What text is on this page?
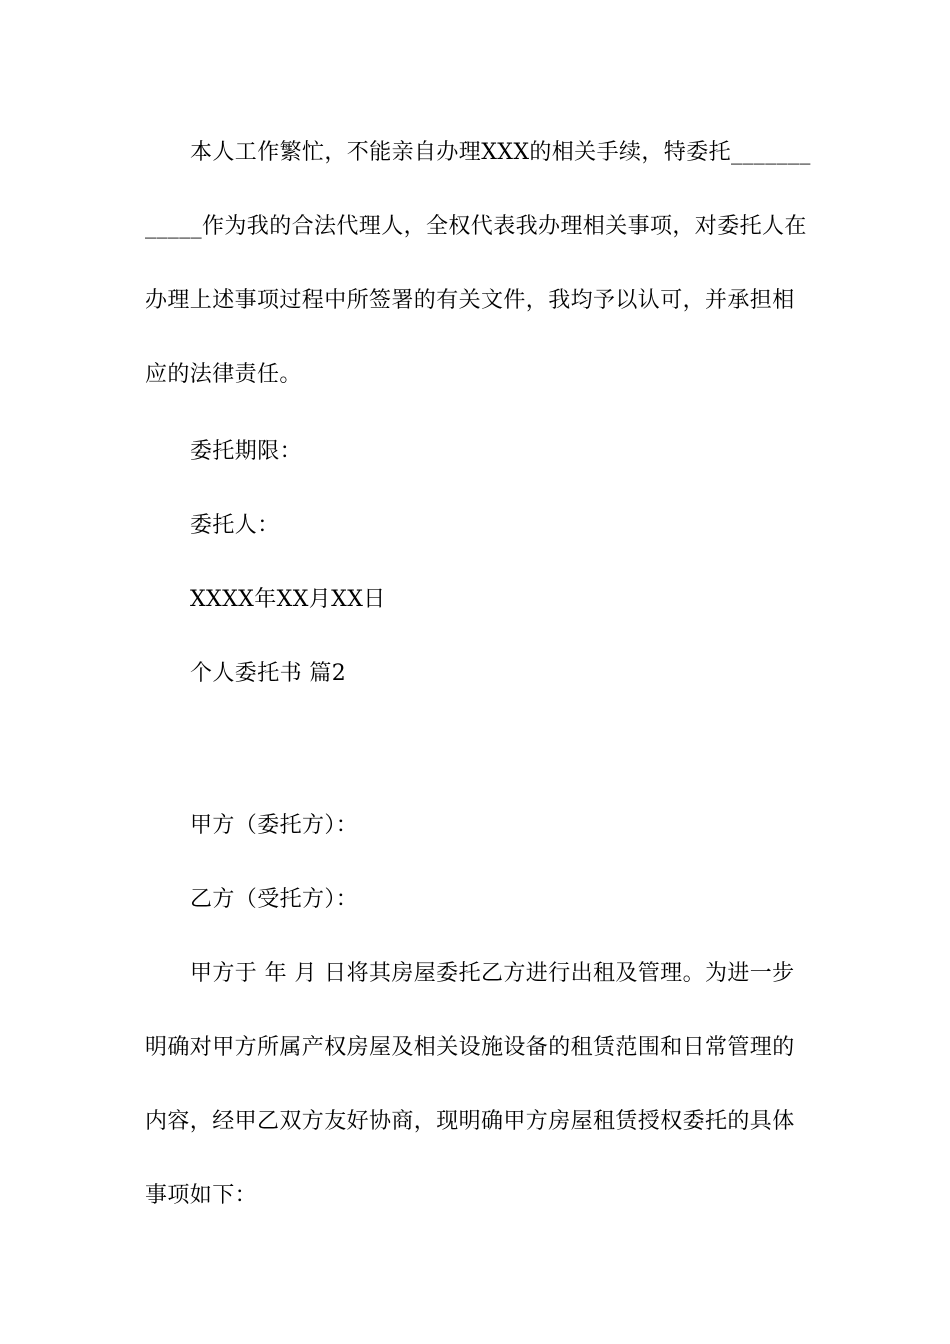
本人工作繁忙，不能亲自办理XXX的相关手续，特委托_______
_____作为我的合法代理人，全权代表我办理相关事项，对委托人在
办理上述事项过程中所签署的有关文件，我均予以认可，并承担相
应的法律责任。
委托期限：
委托人：
XXXX年XX月XX日
个人委托书 篇2
甲方（委托方）：
乙方（受托方）：
甲方于 年 月 日将其房屋委托乙方进行出租及管理。为进一步
明确对甲方所属产权房屋及相关设施设备的租赁范围和日常管理的
内容，经甲乙双方友好协商，现明确甲方房屋租赁授权委托的具体
事项如下：
